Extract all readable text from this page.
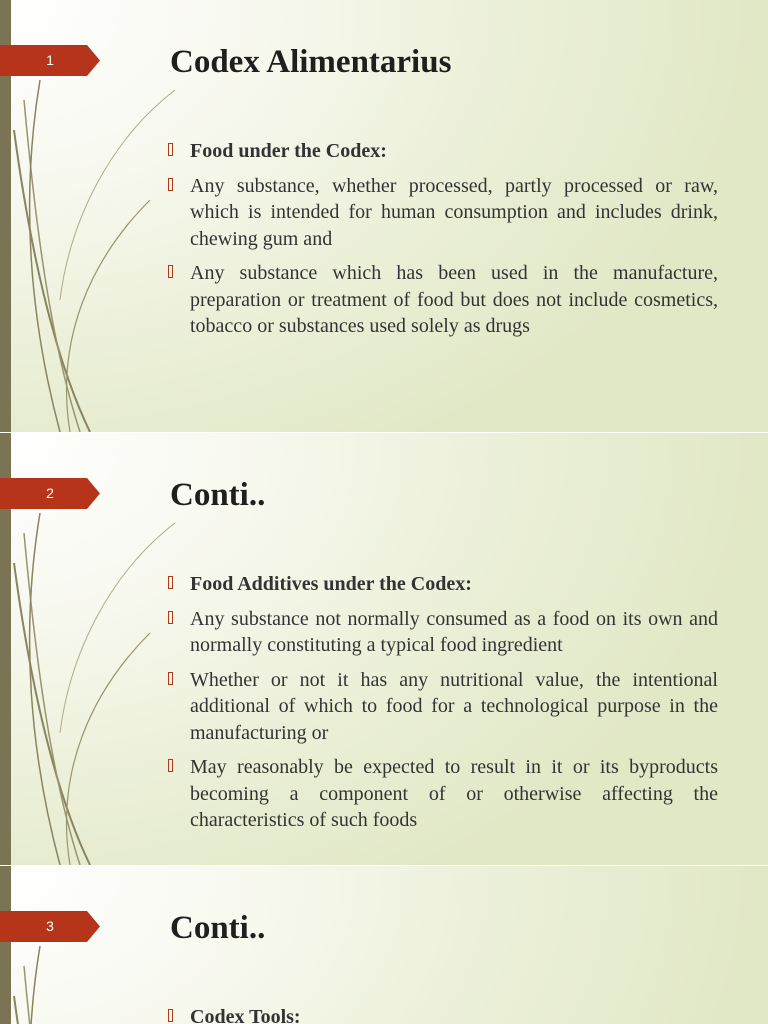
1	Codex Alimentarius
Food under the Codex:
Any substance, whether processed, partly processed or raw, which is intended for human consumption and includes drink, chewing gum and
Any substance which has been used in the manufacture, preparation or treatment of food but does not include cosmetics, tobacco or substances used solely as drugs
2	Conti..
Food Additives under the Codex:
Any substance not normally consumed as a food on its own and normally constituting a typical food ingredient
Whether or not it has any nutritional value, the intentional additional of which to food for a technological purpose in the manufacturing or
May reasonably be expected to result in it or its byproducts becoming a component of or otherwise affecting the characteristics of such foods
3	Conti..
Codex Tools:
